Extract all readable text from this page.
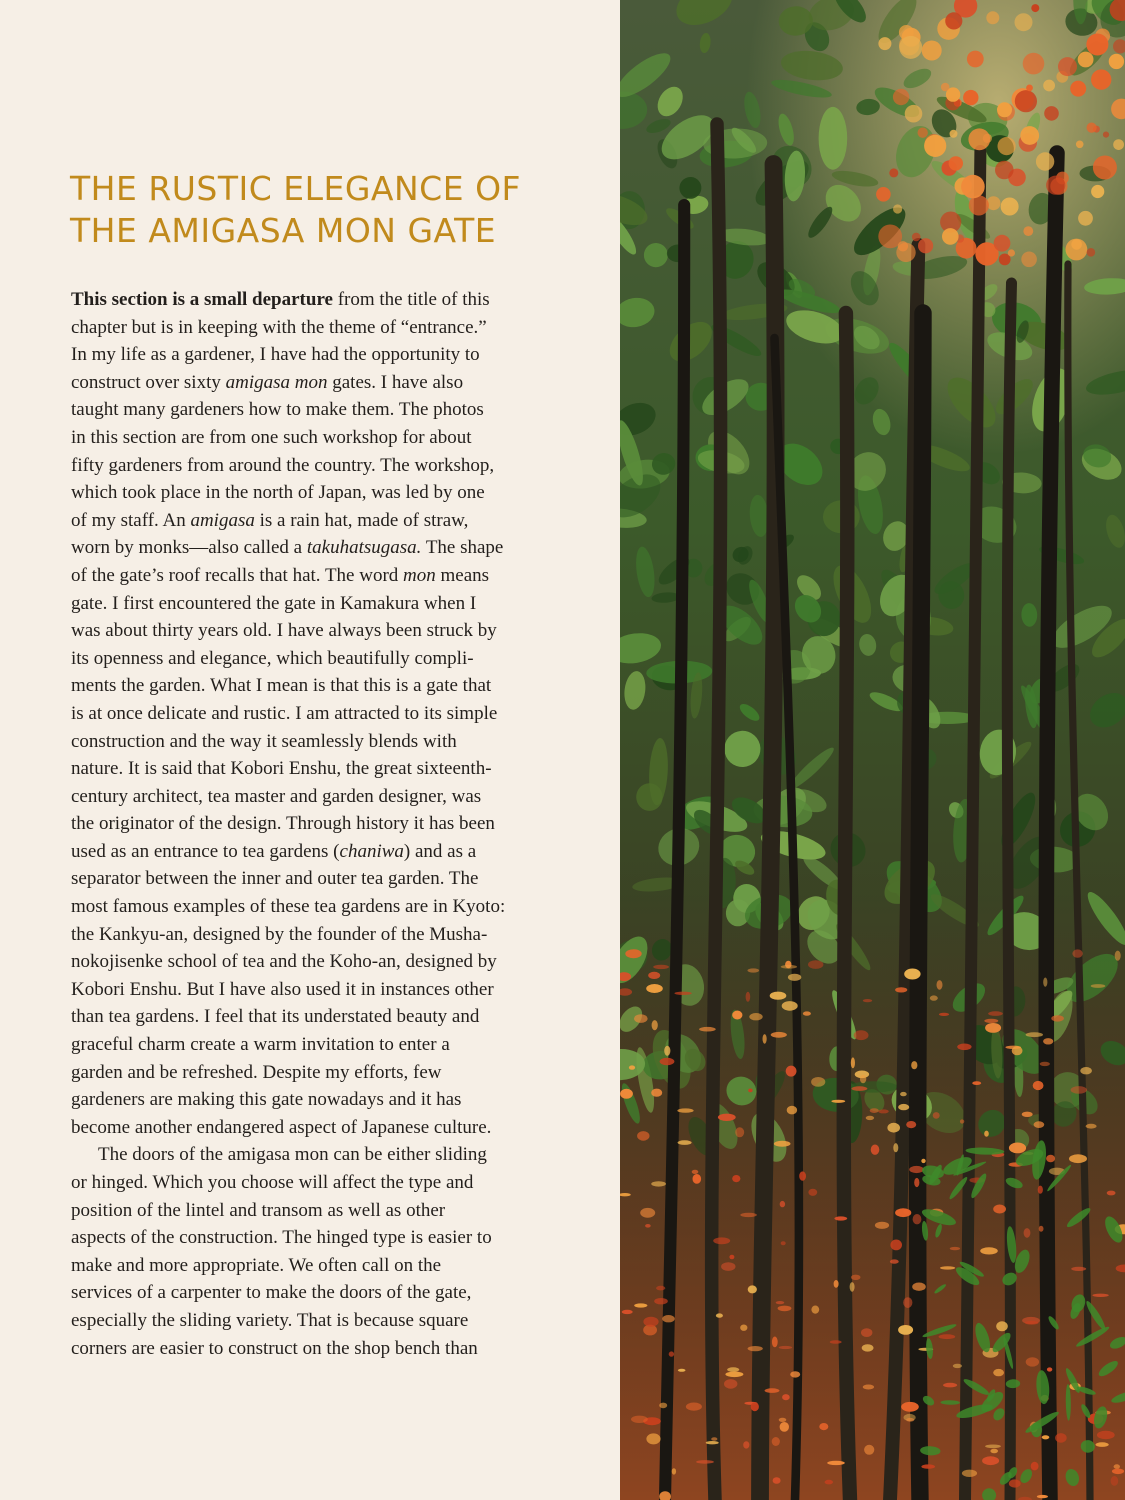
THE RUSTIC ELEGANCE OF
THE AMIGASA MON GATE
This section is a small departure from the title of this
chapter but is in keeping with the theme of “entrance.”
In my life as a gardener, I have had the opportunity to
construct over sixty amigasa mon gates. I have also
taught many gardeners how to make them. The photos
in this section are from one such workshop for about
fifty gardeners from around the country. The workshop,
which took place in the north of Japan, was led by one
of my staff. An amigasa is a rain hat, made of straw,
worn by monks—also called a takuhatsugasa. The shape
of the gate’s roof recalls that hat. The word mon means
gate. I first encountered the gate in Kamakura when I
was about thirty years old. I have always been struck by
its openness and elegance, which beautifully compli-
ments the garden. What I mean is that this is a gate that
is at once delicate and rustic. I am attracted to its simple
construction and the way it seamlessly blends with
nature. It is said that Kobori Enshu, the great sixteenth-
century architect, tea master and garden designer, was
the originator of the design. Through history it has been
used as an entrance to tea gardens (chaniwa) and as a
separator between the inner and outer tea garden. The
most famous examples of these tea gardens are in Kyoto:
the Kankyu-an, designed by the founder of the Musha-
nokojisenke school of tea and the Koho-an, designed by
Kobori Enshu. But I have also used it in instances other
than tea gardens. I feel that its understated beauty and
graceful charm create a warm invitation to enter a
garden and be refreshed. Despite my efforts, few
gardeners are making this gate nowadays and it has
become another endangered aspect of Japanese culture.
The doors of the amigasa mon can be either sliding
or hinged. Which you choose will affect the type and
position of the lintel and transom as well as other
aspects of the construction. The hinged type is easier to
make and more appropriate. We often call on the
services of a carpenter to make the doors of the gate,
especially the sliding variety. That is because square
corners are easier to construct on the shop bench than
